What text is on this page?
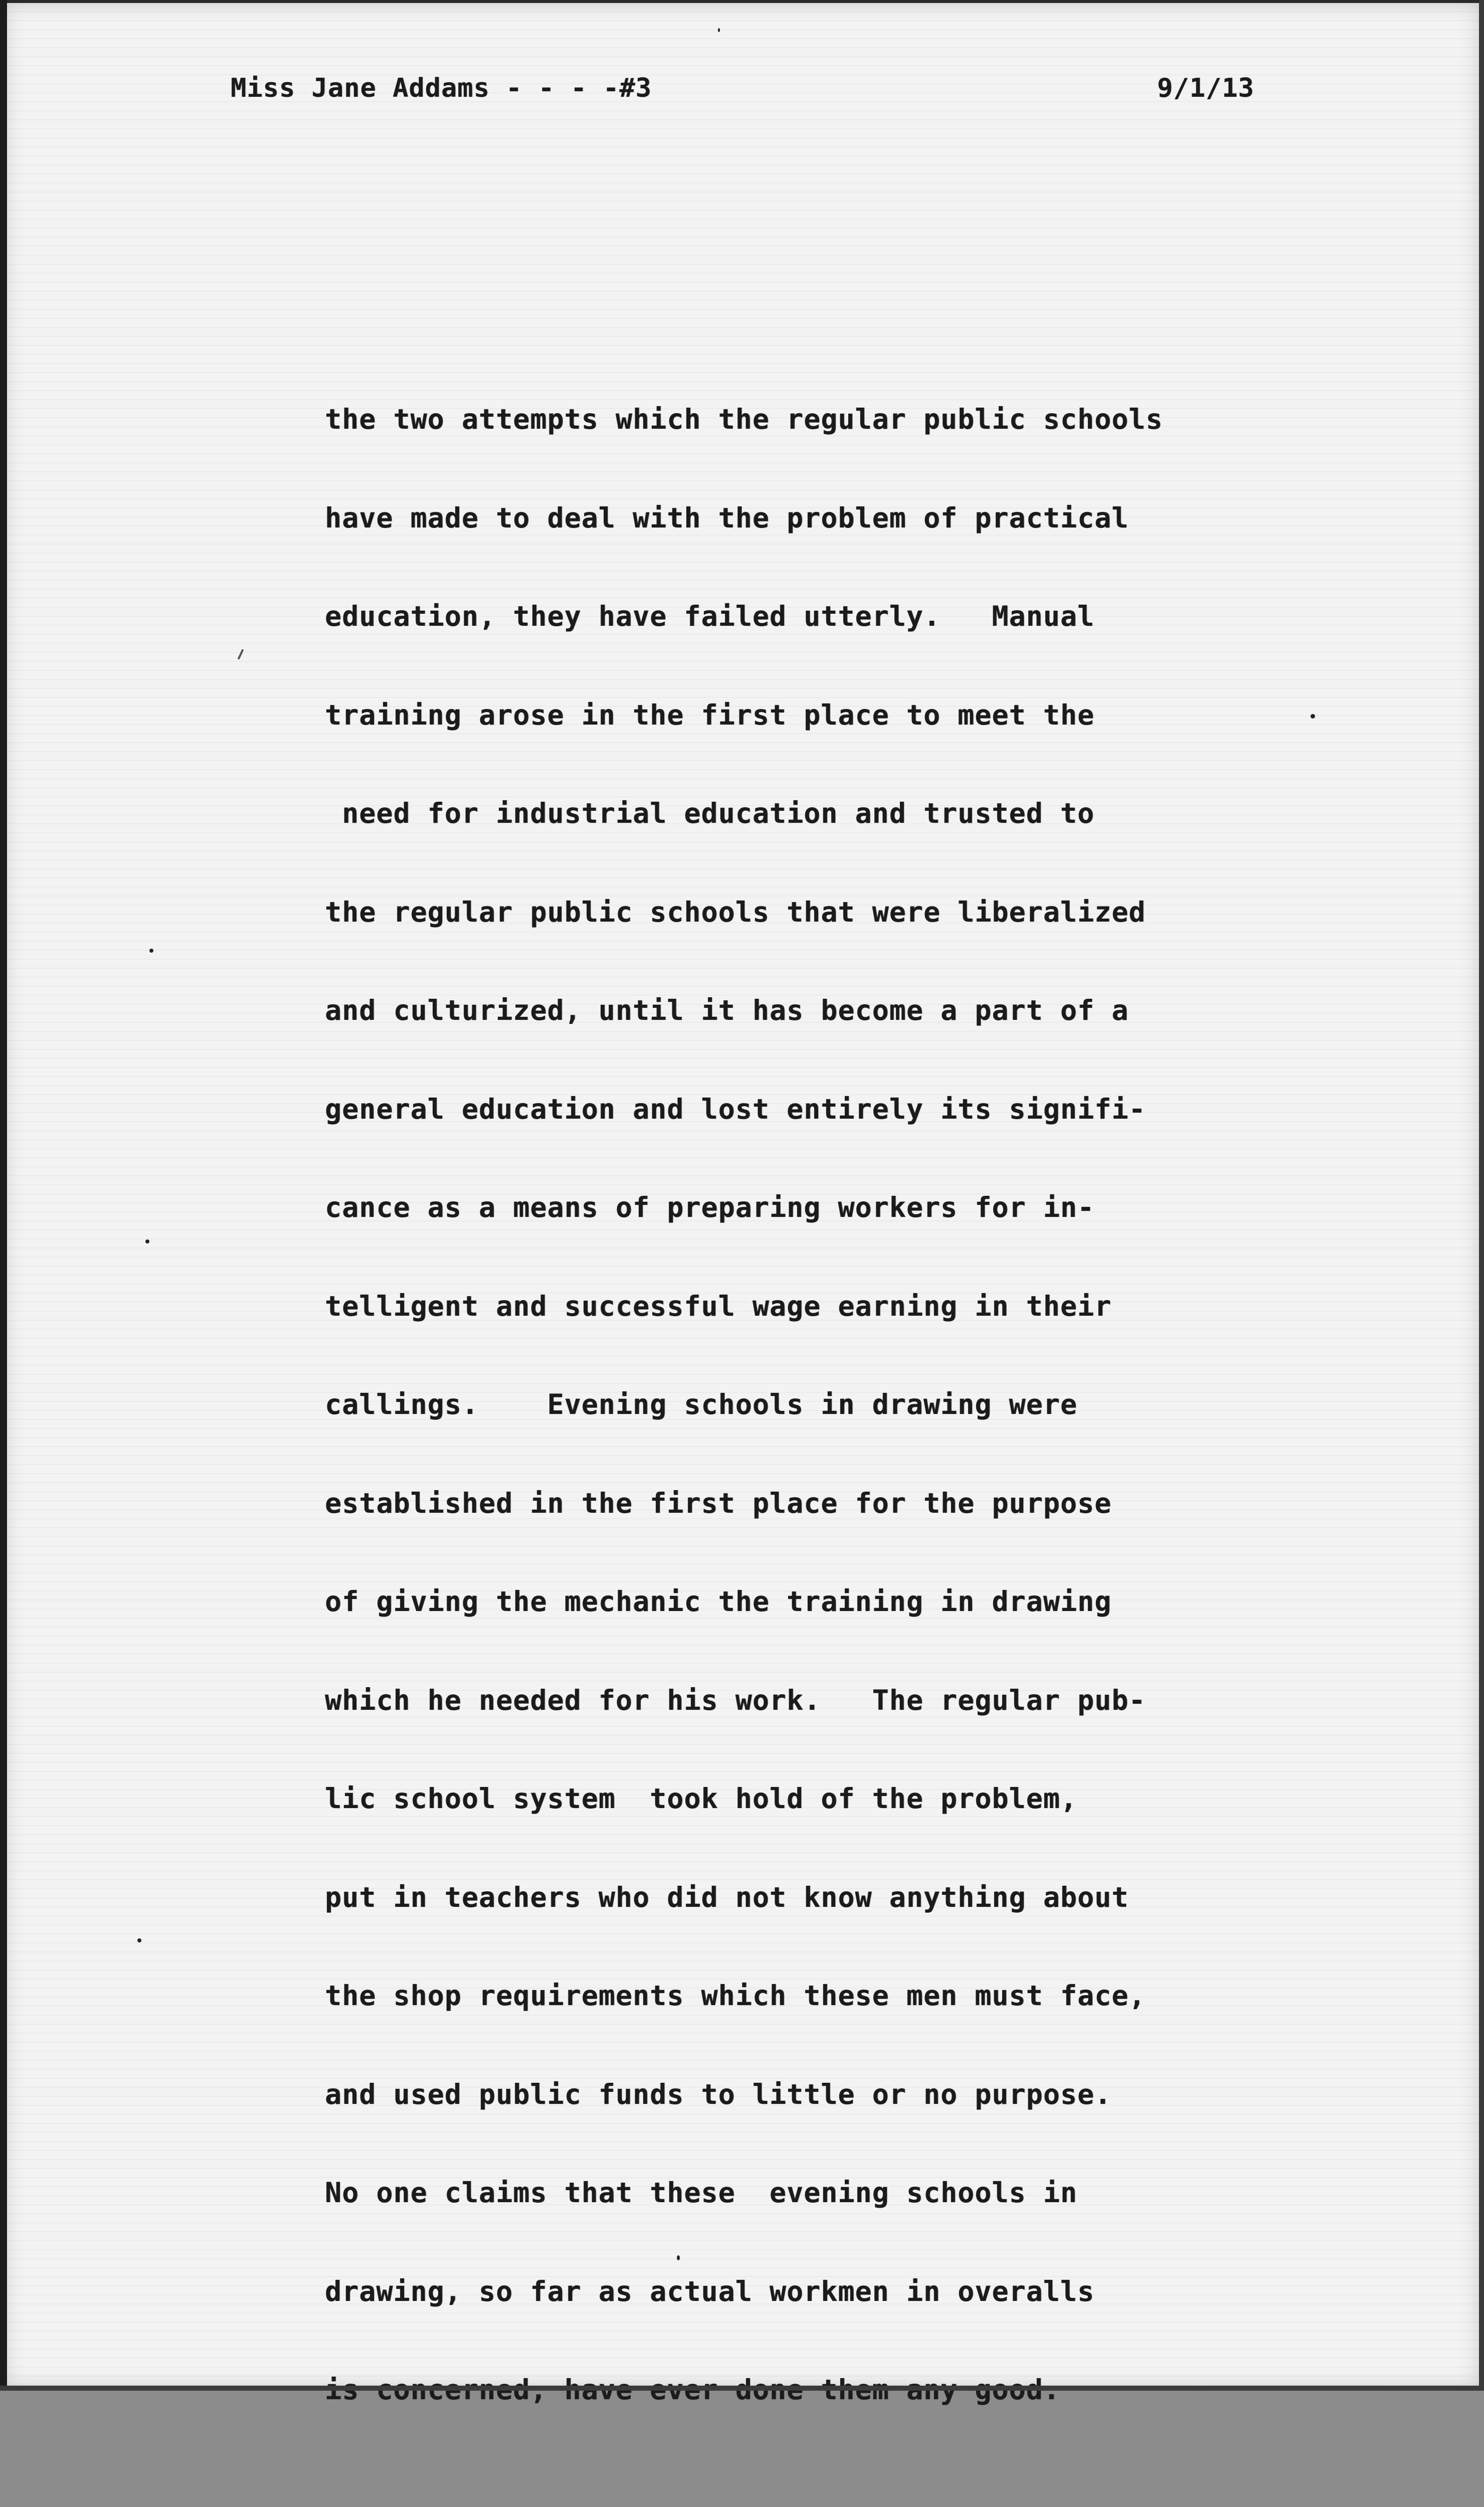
Miss Jane Addams - - - -#3	9/1/13

the two attempts which the regular public schools

have made to deal with the problem of practical

education, they have failed utterly.   Manual

training arose in the first place to meet the

need for industrial education and trusted to

the regular public schools that were liberalized

and culturized, until it has become a part of a

general education and lost entirely its signifi-

cance as a means of preparing workers for in-

telligent and successful wage earning in their

callings.    Evening schools in drawing were

established in the first place for the purpose

of giving the mechanic the training in drawing

which he needed for his work.   The regular pub-

lic school system  took hold of the problem,

put in teachers who did not know anything about

the shop requirements which these men must face,

and used public funds to little or no purpose.

No one claims that these  evening schools in

drawing, so far as actual workmen in overalls
